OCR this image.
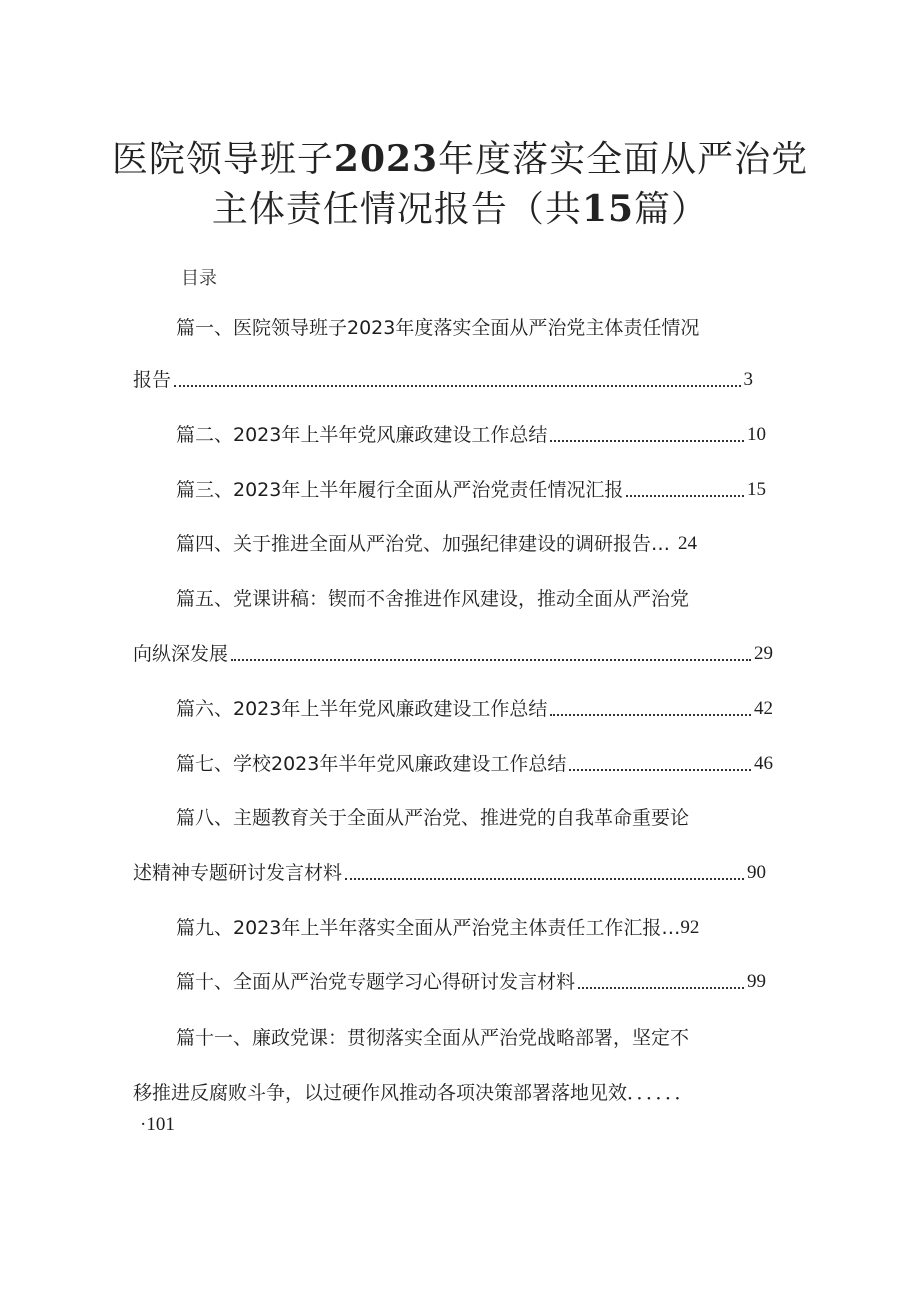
医院领导班子2023年度落实全面从严治党
主体责任情况报告（共15篇）
目录
篇一、医院领导班子2023年度落实全面从严治党主体责任情况
报告	3
篇二、2023年上半年党风廉政建设工作总结	10
篇三、2023年上半年履行全面从严治党责任情况汇报	15
篇四、关于推进全面从严治党、加强纪律建设的调研报告… 24
篇五、党课讲稿：锲而不舍推进作风建设，推动全面从严治党
向纵深发展	29
篇六、2023年上半年党风廉政建设工作总结	42
篇七、学校2023年半年党风廉政建设工作总结	46
篇八、主题教育关于全面从严治党、推进党的自我革命重要论
述精神专题研讨发言材料	90
篇九、2023年上半年落实全面从严治党主体责任工作汇报… 92
篇十、全面从严治党专题学习心得研讨发言材料	99
篇十一、廉政党课：贯彻落实全面从严治党战略部署，坚定不
移推进反腐败斗争，以过硬作风推动各项决策部署落地见效．．．．．．
·101
